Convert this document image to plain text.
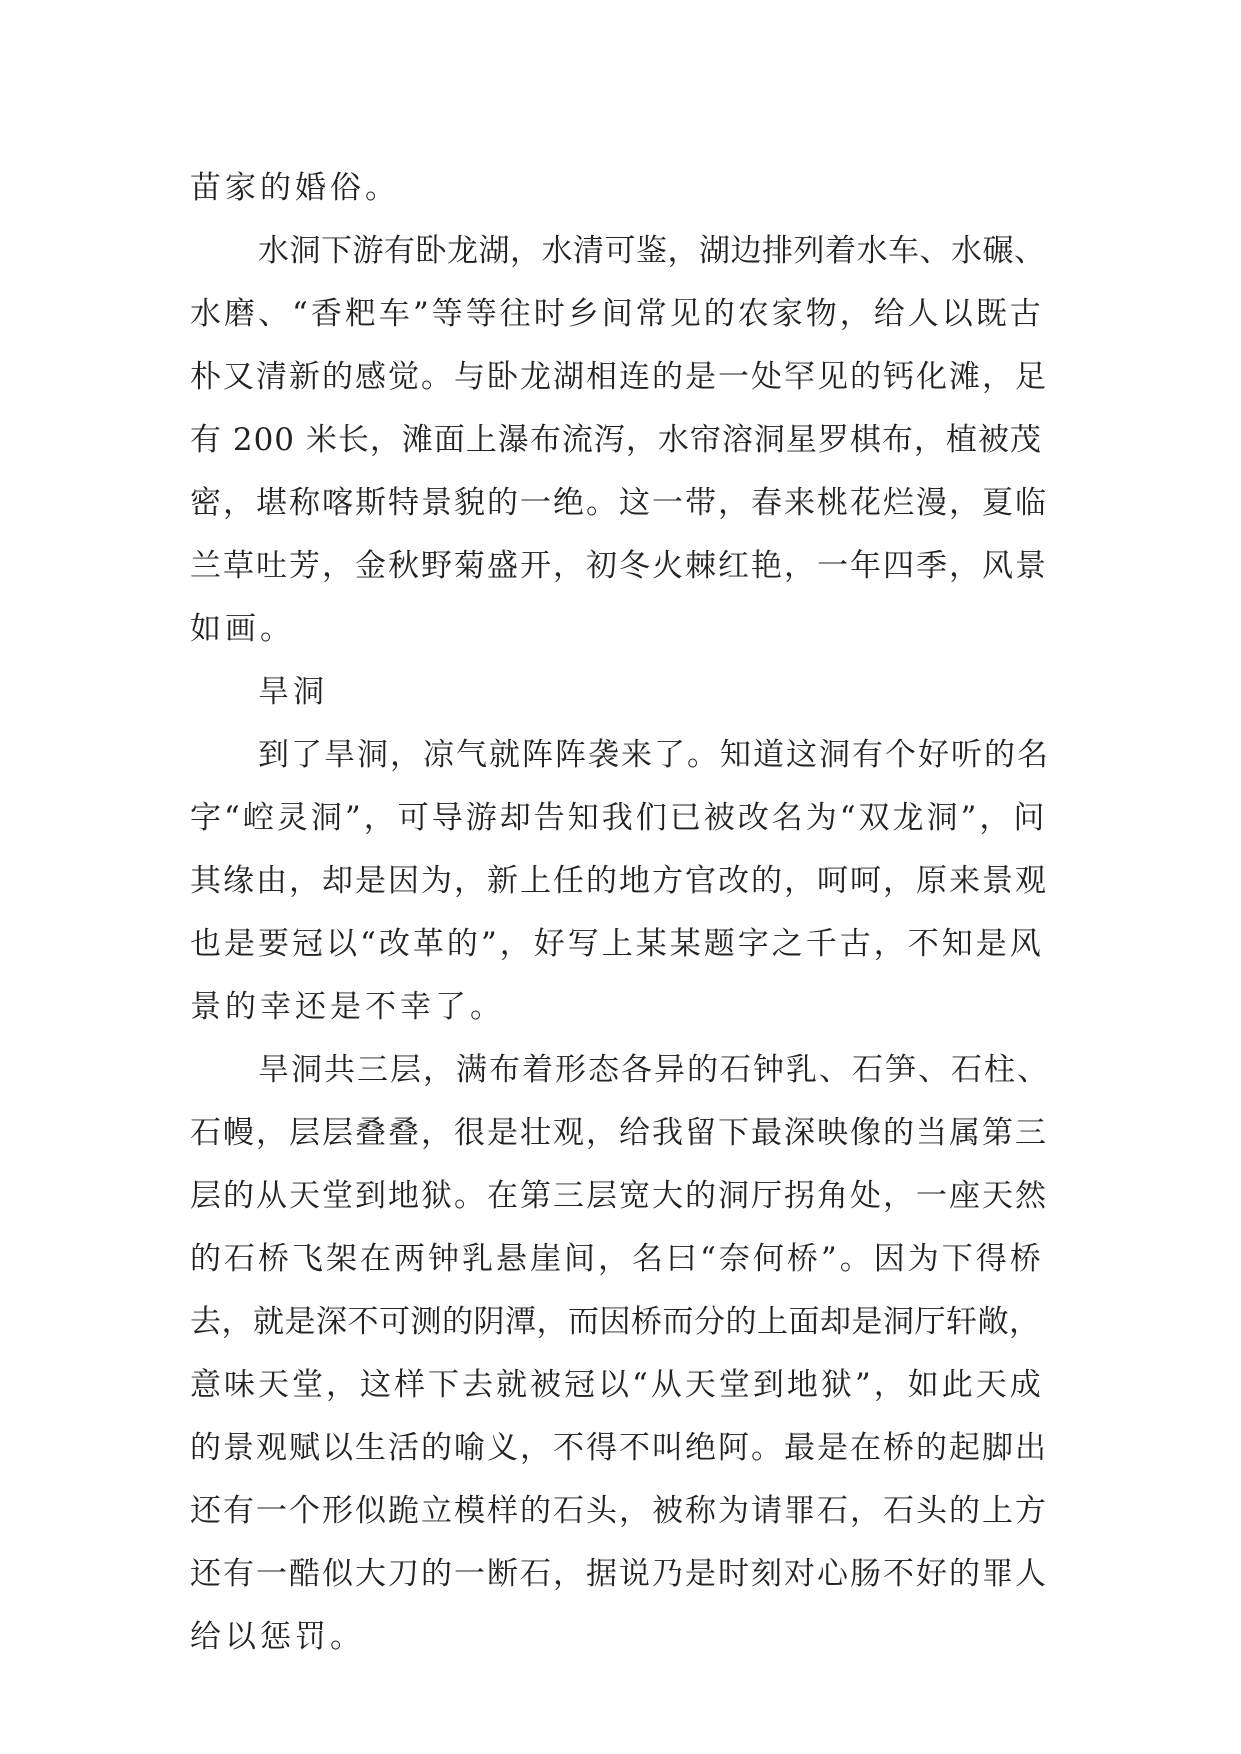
苗家的婚俗。
水洞下游有卧龙湖，水清可鉴，湖边排列着水车、水碾、
水磨、“香粑车”等等往时乡间常见的农家物，给人以既古
朴又清新的感觉。与卧龙湖相连的是一处罕见的钙化滩，足
有 200 米长，滩面上瀑布流泻，水帘溶洞星罗棋布，植被茂
密，堪称喀斯特景貌的一绝。这一带，春来桃花烂漫，夏临
兰草吐芳，金秋野菊盛开，初冬火棘红艳，一年四季，风景
如画。
旱洞
到了旱洞，凉气就阵阵袭来了。知道这洞有个好听的名
字“崆灵洞”，可导游却告知我们已被改名为“双龙洞”，问
其缘由，却是因为，新上任的地方官改的，呵呵，原来景观
也是要冠以“改革的”，好写上某某题字之千古，不知是风
景的幸还是不幸了。
旱洞共三层，满布着形态各异的石钟乳、石笋、石柱、
石幔，层层叠叠，很是壮观，给我留下最深映像的当属第三
层的从天堂到地狱。在第三层宽大的洞厅拐角处，一座天然
的石桥飞架在两钟乳悬崖间，名曰“奈何桥”。因为下得桥
去，就是深不可测的阴潭，而因桥而分的上面却是洞厅轩敞，
意味天堂，这样下去就被冠以“从天堂到地狱”，如此天成
的景观赋以生活的喻义，不得不叫绝阿。最是在桥的起脚出
还有一个形似跪立模样的石头，被称为请罪石，石头的上方
还有一酷似大刀的一断石，据说乃是时刻对心肠不好的罪人
给以惩罚。
